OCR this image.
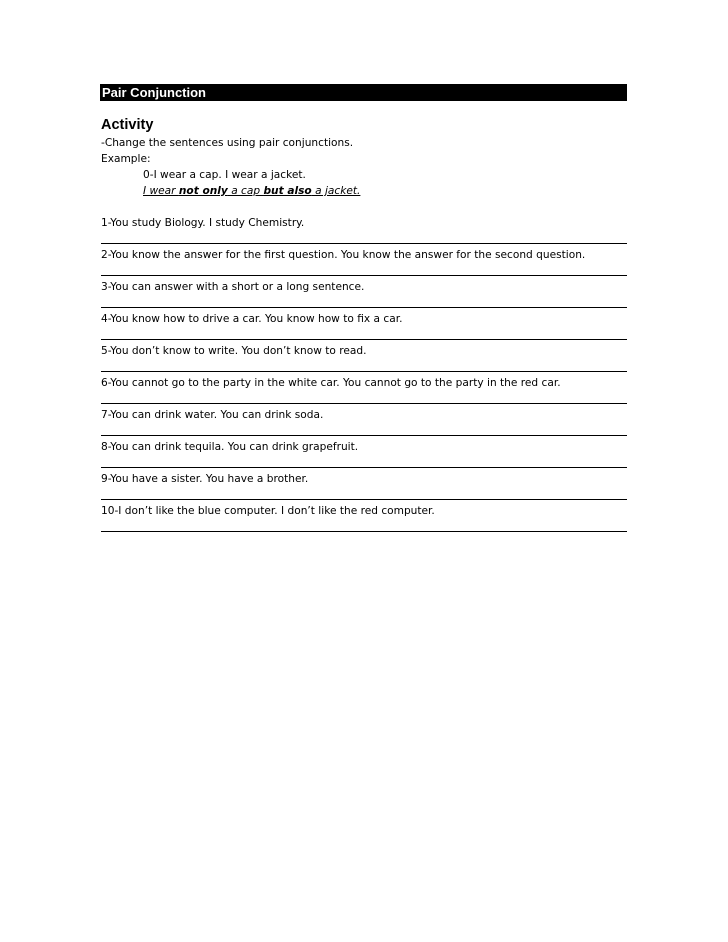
Pair Conjunction
Activity
-Change the sentences using pair conjunctions.
Example:
0-I wear a cap. I wear a jacket.
I wear not only a cap but also a jacket.
1-You study Biology. I study Chemistry.
2-You know the answer for the first question. You know the answer for the second question.
3-You can answer with a short or a long sentence.
4-You know how to drive a car. You know how to fix a car.
5-You don’t know to write. You don’t know to read.
6-You cannot go to the party in the white car. You cannot go to the party in the red car.
7-You can drink water. You can drink soda.
8-You can drink tequila. You can drink grapefruit.
9-You have a sister. You have a brother.
10-I don’t like the blue computer. I don’t like the red computer.
